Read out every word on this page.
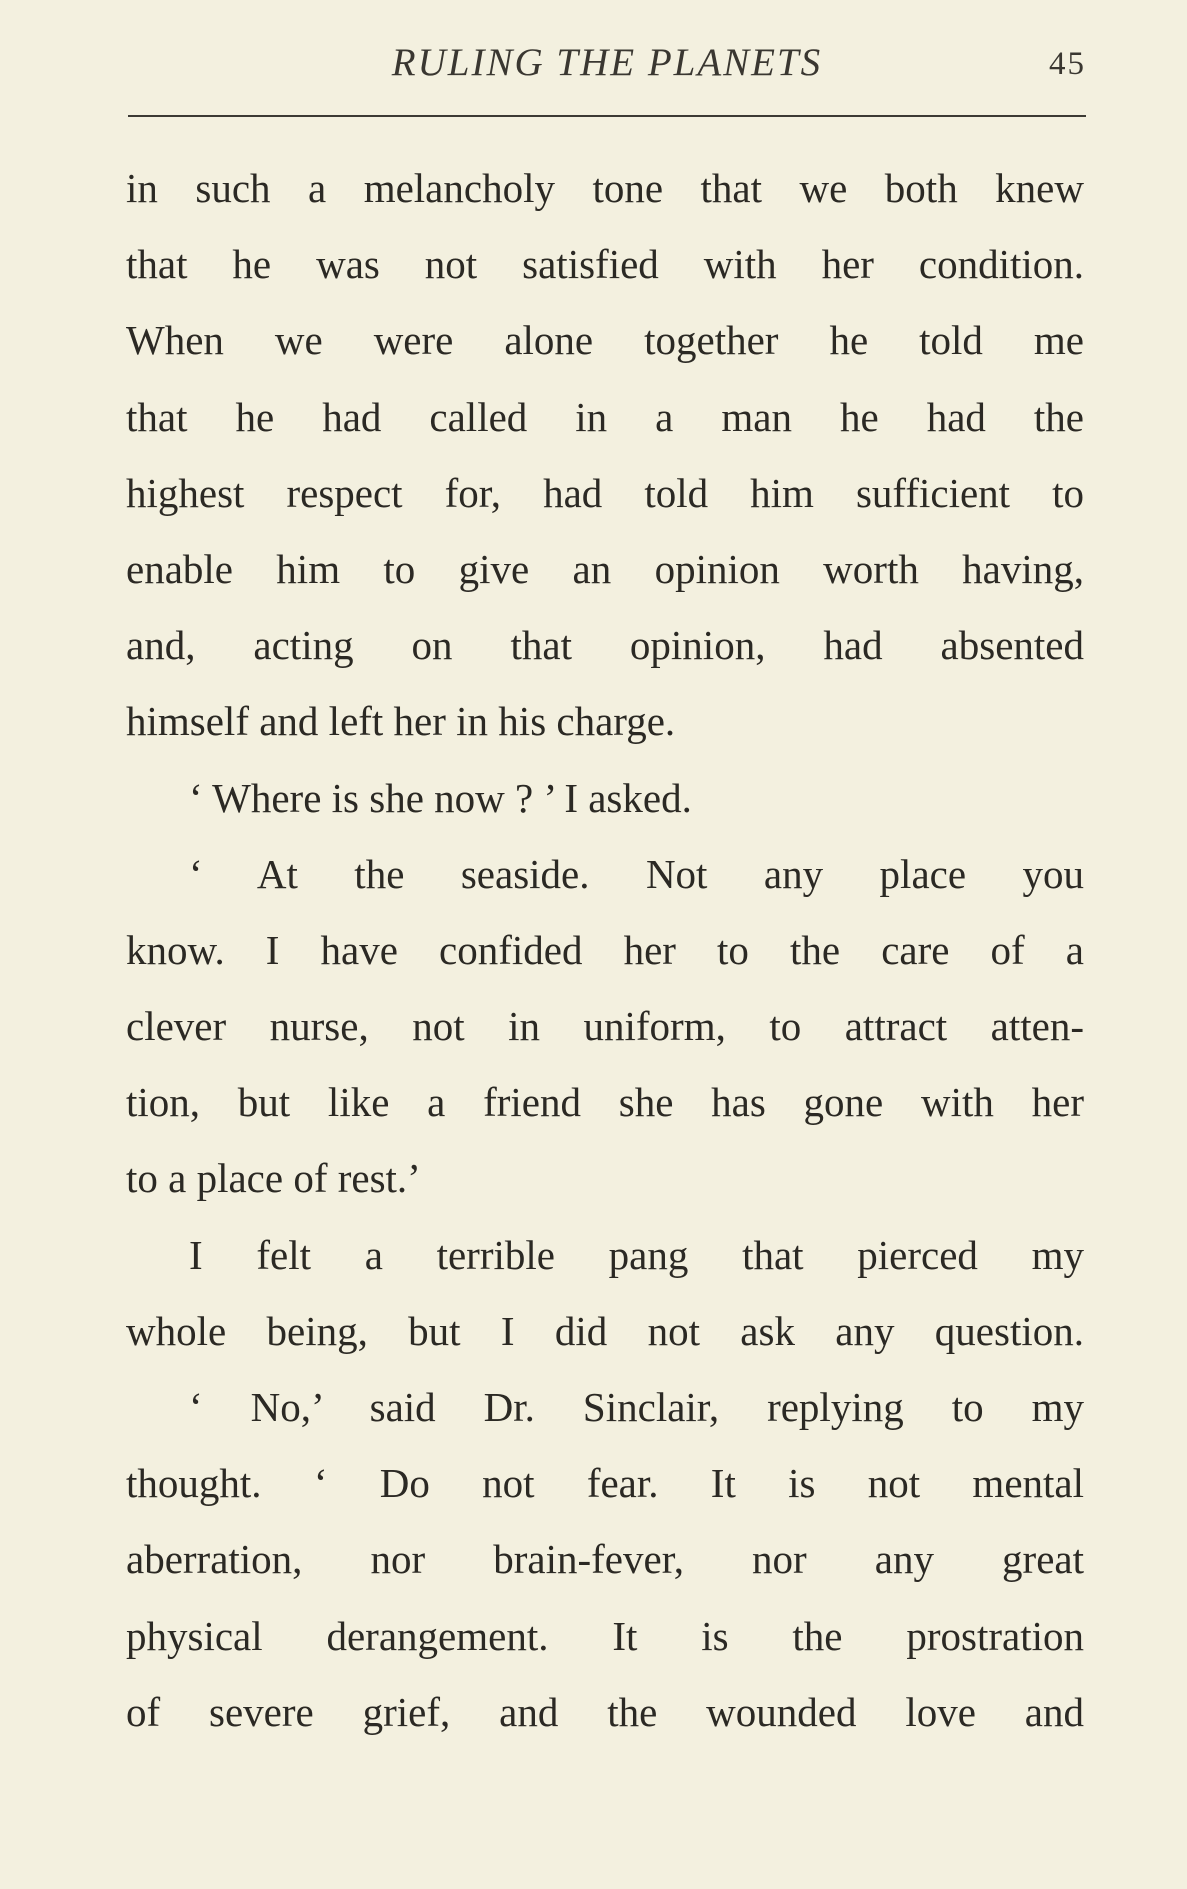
RULING THE PLANETS	45
in such a melancholy tone that we both knew
that he was not satisfied with her condition.
When we were alone together he told me
that he had called in a man he had the
highest respect for, had told him sufficient to
enable him to give an opinion worth having,
and, acting on that opinion, had absented
himself and left her in his charge.
‘ Where is she now ? ’ I asked.
‘ At the seaside. Not any place you
know. I have confided her to the care of a
clever nurse, not in uniform, to attract atten-
tion, but like a friend she has gone with her
to a place of rest.’
I felt a terrible pang that pierced my
whole being, but I did not ask any question.
‘ No,’ said Dr. Sinclair, replying to my
thought. ‘ Do not fear. It is not mental
aberration, nor brain-fever, nor any great
physical derangement. It is the prostration
of severe grief, and the wounded love and
